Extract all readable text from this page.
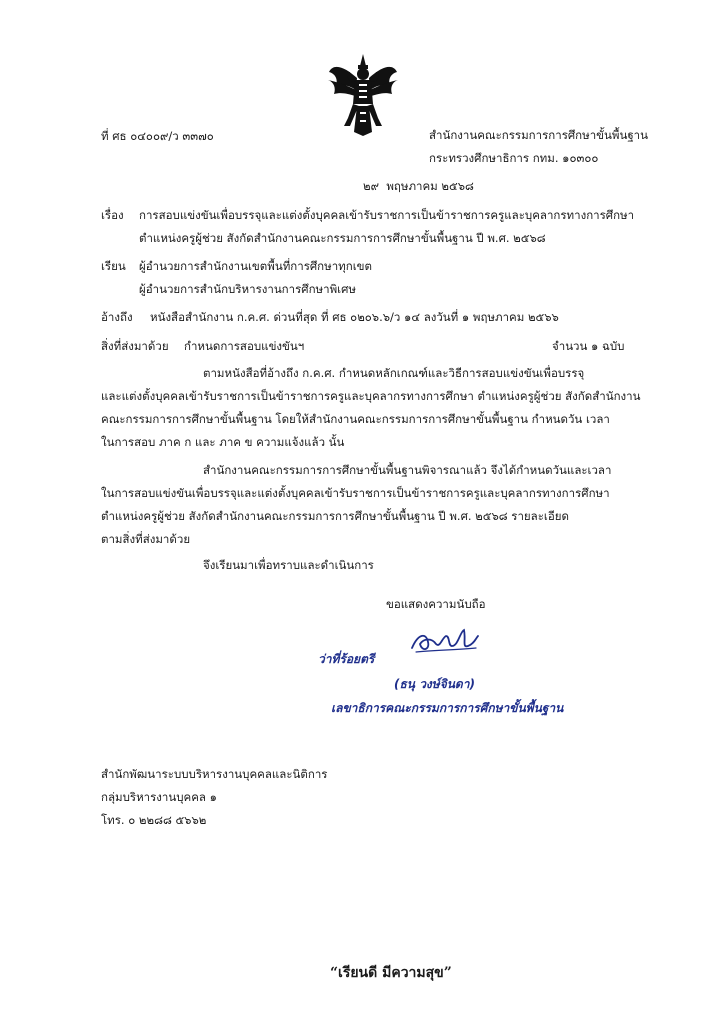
ที่ ศธ ๐๔๐๐๙/ว ๓๓๗๐	สำนักงานคณะกรรมการการศึกษาขั้นพื้นฐาน
กระทรวงศึกษาธิการ กทม. ๑๐๓๐๐
๒๙ พฤษภาคม ๒๕๖๘
เรื่อง การสอบแข่งขันเพื่อบรรจุและแต่งตั้งบุคคลเข้ารับราชการเป็นข้าราชการครูและบุคลากรทางการศึกษา
ตำแหน่งครูผู้ช่วย สังกัดสำนักงานคณะกรรมการการศึกษาขั้นพื้นฐาน ปี พ.ศ. ๒๕๖๘
เรียน ผู้อำนวยการสำนักงานเขตพื้นที่การศึกษาทุกเขต
ผู้อำนวยการสำนักบริหารงานการศึกษาพิเศษ
อ้างถึง หนังสือสำนักงาน ก.ค.ศ. ด่วนที่สุด ที่ ศธ ๐๒๐๖.๖/ว ๑๔ ลงวันที่ ๑ พฤษภาคม ๒๕๖๖
สิ่งที่ส่งมาด้วย กำหนดการสอบแข่งขันฯ	จำนวน ๑ ฉบับ
ตามหนังสือที่อ้างถึง ก.ค.ศ. กำหนดหลักเกณฑ์และวิธีการสอบแข่งขันเพื่อบรรจุ
และแต่งตั้งบุคคลเข้ารับราชการเป็นข้าราชการครูและบุคลากรทางการศึกษา ตำแหน่งครูผู้ช่วย สังกัดสำนักงาน
คณะกรรมการการศึกษาขั้นพื้นฐาน โดยให้สำนักงานคณะกรรมการการศึกษาขั้นพื้นฐาน กำหนดวัน เวลา
ในการสอบ ภาค ก และ ภาค ข ความแจ้งแล้ว นั้น
สำนักงานคณะกรรมการการศึกษาขั้นพื้นฐานพิจารณาแล้ว จึงได้กำหนดวันและเวลา
ในการสอบแข่งขันเพื่อบรรจุและแต่งตั้งบุคคลเข้ารับราชการเป็นข้าราชการครูและบุคลากรทางการศึกษา
ตำแหน่งครูผู้ช่วย สังกัดสำนักงานคณะกรรมการการศึกษาขั้นพื้นฐาน ปี พ.ศ. ๒๕๖๘ รายละเอียด
ตามสิ่งที่ส่งมาด้วย
จึงเรียนมาเพื่อทราบและดำเนินการ
ขอแสดงความนับถือ
ว่าที่ร้อยตรี
(ธนุ วงษ์จินดา)
เลขาธิการคณะกรรมการการศึกษาขั้นพื้นฐาน
สำนักพัฒนาระบบบริหารงานบุคคลและนิติการ
กลุ่มบริหารงานบุคคล ๑
โทร. ๐ ๒๒๘๘ ๕๖๖๒
“เรียนดี มีความสุข”
